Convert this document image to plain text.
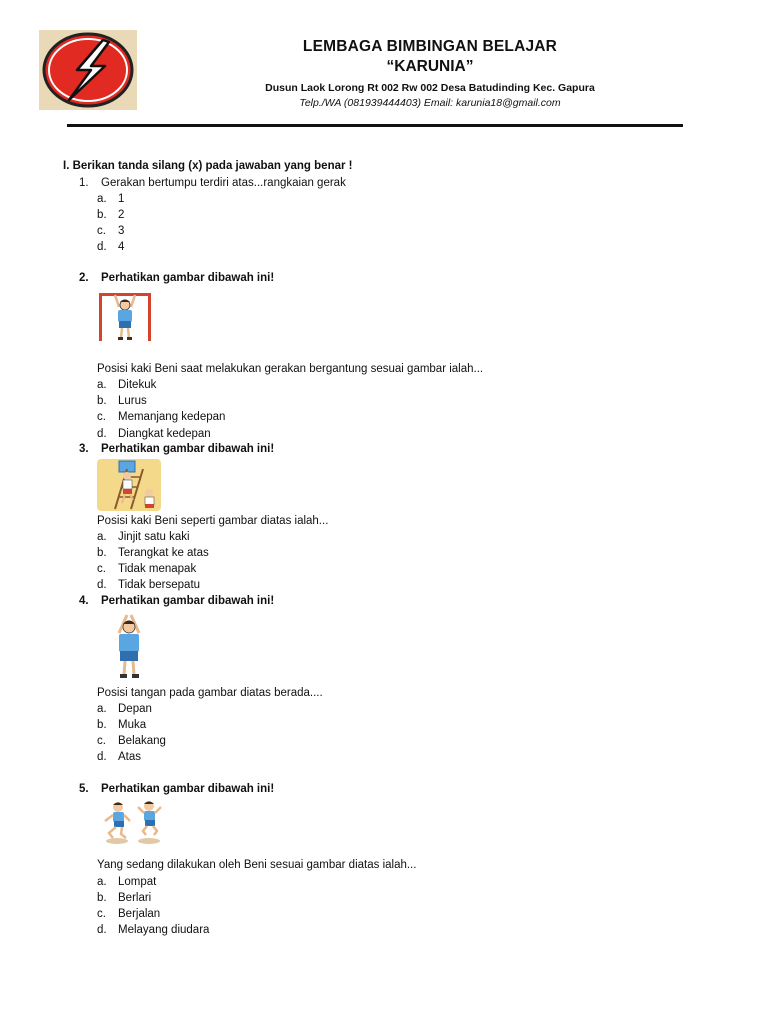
LEMBAGA BIMBINGAN BELAJAR
“KARUNIA”
Dusun Laok Lorong Rt 002 Rw 002 Desa Batudinding Kec. Gapura
Telp./WA (081939444403) Email: karunia18@gmail.com
I. Berikan tanda silang (x) pada jawaban yang benar !
1. Gerakan bertumpu terdiri atas...rangkaian gerak
a. 1
b. 2
c. 3
d. 4
2. Perhatikan gambar dibawah ini!
Posisi kaki Beni saat melakukan gerakan bergantung sesuai gambar ialah...
a. Ditekuk
b. Lurus
c. Memanjang kedepan
d. Diangkat kedepan
3. Perhatikan gambar dibawah ini!
Posisi kaki Beni seperti gambar diatas ialah...
a. Jinjit satu kaki
b. Terangkat ke atas
c. Tidak menapak
d. Tidak bersepatu
4. Perhatikan gambar dibawah ini!
Posisi tangan pada gambar diatas berada....
a. Depan
b. Muka
c. Belakang
d. Atas
5. Perhatikan gambar dibawah ini!
Yang sedang dilakukan oleh Beni sesuai gambar diatas ialah...
a. Lompat
b. Berlari
c. Berjalan
d. Melayang diudara
